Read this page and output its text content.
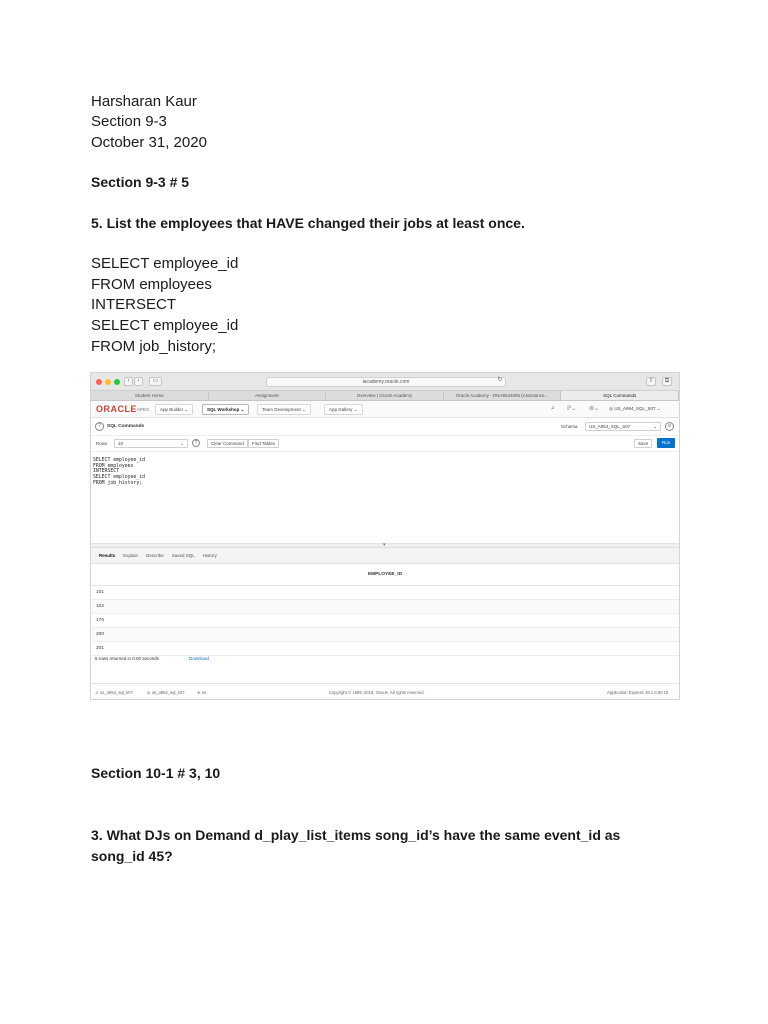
Harsharan Kaur
Section 9-3
October 31, 2020
Section 9-3 # 5
5. List the employees that HAVE changed their jobs at least once.
SELECT employee_id
FROM employees
INTERSECT
SELECT employee_id
FROM job_history;
‹	›	▭	iacademy.oracle.com	↻	⇧	⧉
Student Home	Assignment	Overview | Oracle Academy	Oracle Academy - DNA9534005 (Assistance...	SQL Commands
ORACLE APEX	App Builder ⌄	SQL Workshop ⌄	Team Development ⌄	App Gallery ⌄	⌕ ℙ⌄ ⊚⌄ ◎ US_A954_SQL_S07 ⌄
?	SQL Commands	Schema	US_A954_SQL_S07	⌄	⊙
Rows	10	⌄	?	Clear Command	Find Tables	Save	Run
SELECT employee_id
FROM employees
INTERSECT
SELECT employee_id
FROM job_history;
▾
Results	Explain	Describe	Saved SQL	History
EMPLOYEE_ID
101
102
176
200
201
5 rows returned in 0.00 seconds	Download
♙ us_a954_sql_s07	⊜ us_a954_sql_s07	⊕ en	Copyright © 1999, 2019, Oracle. All rights reserved.	Application Express 19.1.0.00.15
Section 10-1 # 3, 10
3. What DJs on Demand d_play_list_items song_id’s have the same event_id as
song_id 45?
